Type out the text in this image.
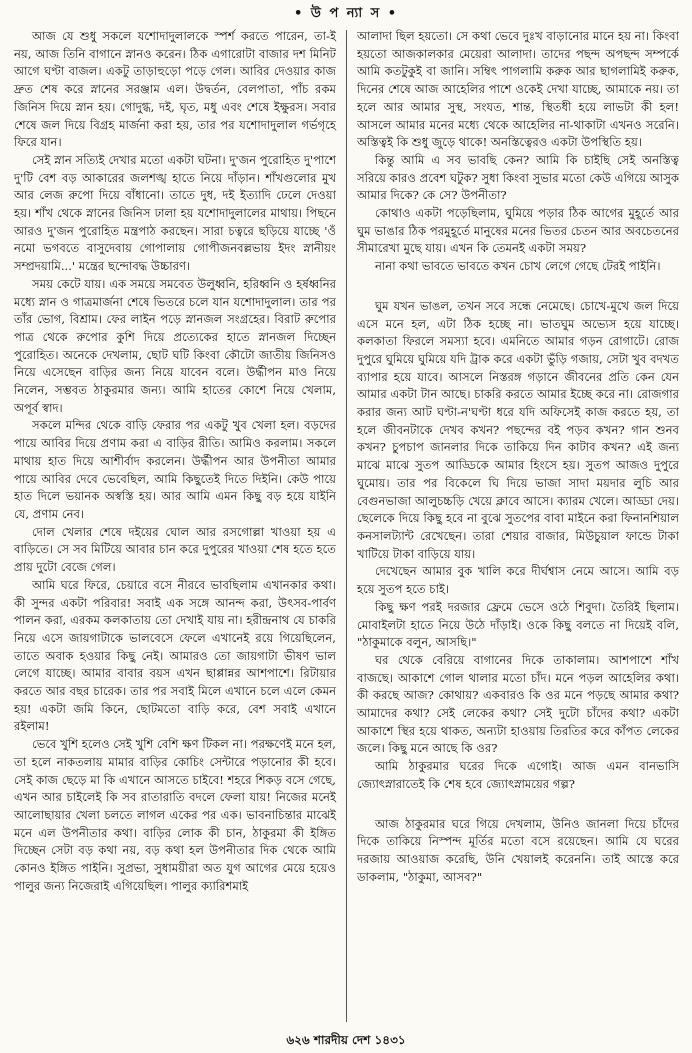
• উ প ন্যা স •

আজ যে শুধু সকলে যশোদাদুলালকে স্পর্শ করতে পারেন, তা-ই নয়, আজ তিনি বাগানে স্নানও করেন। ঠিক এগারোটা বাজার দশ মিনিট আগে ঘণ্টা বাজল। একটু তাড়াহুড়ো পড়ে গেল। আবির দেওয়ার কাজ দ্রুত শেষ করে স্নানের সরঞ্জাম এল। উদ্বর্তন, বেলপাতা, পাঁচ রকম জিনিস দিয়ে স্নান হয়। গোদুগ্ধ, দই, ঘৃত, মধু এবং শেষে ইক্ষুরস। সবার শেষে জল দিয়ে বিগ্রহ মার্জনা করা হয়, তার পর যশোদাদুলাল গর্ভগৃহে ফিরে যান।

সেই স্নান সত্যিই দেখার মতো একটা ঘটনা। দু'জন পুরোহিত দু'পাশে দু'টি বেশ বড় আকারের জলশঙ্খ হাতে নিয়ে দাঁড়ান। শাঁখগুলোর মুখ আর লেজ রুপো দিয়ে বাঁধানো। তাতে দুধ, দই ইত্যাদি ঢেলে দেওয়া হয়। শাঁখ থেকে স্নানের জিনিস ঢালা হয় যশোদাদুলালের মাথায়। পিছনে আরও দু'জন পুরোহিত মন্ত্রপাঠ করছেন। সারা চত্বরে ছড়িয়ে যাচ্ছে 'ওঁ নমো ভগবতে বাসুদেবায় গোপালায় গোপীজনবল্লভায় ইদং স্নানীয়ং সম্প্রদয়ামি...' মন্ত্রের ছন্দোবদ্ধ উচ্চারণ।

সময় কেটে যায়। এক সময়ে সমবেত উলুধ্বনি, হরিধ্বনি ও হর্ষধ্বনির মধ্যে স্নান ও গাত্রমার্জনা শেষে ভিতরে চলে যান যশোদাদুলাল। তার পর তাঁর ভোগ, বিশ্রাম। ফের লাইন পড়ে স্নানজল সংগ্রহের। বিরাট রুপোর পাত্র থেকে রুপোর কুশি দিয়ে প্রত্যেকের হাতে স্নানজল দিচ্ছেন পুরোহিত। অনেকে দেখলাম, ছোট ঘটি কিংবা কৌটো জাতীয় জিনিসও নিয়ে এসেছেন বাড়ির জন্য নিয়ে যাবেন বলে। উর্দ্ধীপন মাও নিয়ে নিলেন, সম্ভবত ঠাকুরমার জন্য। আমি হাতের কোশে নিয়ে খেলাম, অপূর্ব স্বাদ।

সকলে মন্দির থেকে বাড়ি ফেরার পর একটু খুব খেলা হল। বড়দের পায়ে আবির দিয়ে প্রণাম করা এ বাড়ির রীতি। আমিও করলাম। সকলে মাথায় হাত দিয়ে আশীর্বাদ করলেন। উর্দ্ধীপন আর উপনীতা আমার পায়ে আবির দেবে ভেবেছিল, আমি কিছুতেই দিতে দিইনি। কেউ পায়ে হাত দিলে ভয়ানক অস্বস্তি হয়। আর আমি এমন কিছু বড় হয়ে যাইনি যে, প্রণাম নেব।

দোল খেলার শেষে দইয়ের ঘোল আর রসগোল্লা খাওয়া হয় এ বাড়িতে। সে সব মিটিয়ে আবার চান করে দুপুরের খাওয়া শেষ হতে হতে প্রায় দুটো বেজে গেল।

আমি ঘরে ফিরে, চেয়ারে বসে নীরবে ভাবছিলাম এখানকার কথা। কী সুন্দর একটা পরিবার! সবাই এক সঙ্গে আনন্দ করা, উৎসব-পার্বণ পালন করা, এরকম কলকাতায় তো দেখাই যায় না। হরীন্দ্রনাথ যে চাকরি নিয়ে এসে জায়গাটাকে ভালবেসে ফেলে এখানেই রয়ে গিয়েছিলেন, তাতে অবাক হওয়ার কিছু নেই। আমারও তো জায়গাটা ভীষণ ভাল লেগে যাচ্ছে। আমার বাবার বয়স এখন ছাপ্পান্নর আশপাশে। রিটায়ার করতে আর বছর চারেক। তার পর সবাই মিলে এখানে চলে এলে কেমন হয়! একটা জমি কিনে, ছোটমতো বাড়ি করে, বেশ সবাই এখানে রইলাম!

ভেবে খুশি হলেও সেই খুশি বেশি ক্ষণ টিকল না। পরক্ষণেই মনে হল, তা হলে নাকতলায় মামার বাড়ির কোচিং সেন্টারে পড়ানোর কী হবে। সেই কাজ ছেড়ে মা কি এখানে আসতে চাইবে! শহরে শিকড় বসে গেছে, এখন আর চাইলেই কি সব রাতারাতি বদলে ফেলা যায়! নিজের মনেই আলোছায়ার খেলা চলতে লাগল একের পর এক। ভাবনাচিন্তার মাঝেই মনে এল উপনীতার কথা। বাড়ির লোক কী চান, ঠাকুরমা কী ইঙ্গিত দিচ্ছেন সেটা বড় কথা নয়, বড় কথা হল উপনীতার দিক থেকে আমি কোনও ইঙ্গিত পাইনি। সুপ্রভা, সুধাময়ীরা অত যুগ আগের মেয়ে হয়েও পালুর জন্য নিজেরাই এগিয়েছিল। পালুর ক্যারিশমাই

আলাদা ছিল হয়তো। সে কথা ভেবে দুঃখ বাড়ানোর মানে হয় না। কিংবা হয়তো আজকালকার মেয়েরা আলাদা। তাদের পছন্দ অপছন্দ সম্পর্কে আমি কতটুকুই বা জানি। সম্বিৎ পাগলামি করুক আর ছাগলামিই করুক, দিনের শেষে আজ আহেলির পাশে ওকেই দেখা যাচ্ছে, আমাকে নয়। তা হলে আর আমার সুস্থ, সংযত, শান্ত, স্থিতধী হয়ে লাভটা কী হল! আসলে আমার মনের মধ্যে থেকে আহেলির না-থাকাটা এখনও সরেনি। অস্তিত্বই কি শুধু জুড়ে থাকে! অনস্তিত্বেরও একটা উপস্থিতি হয়।

কিন্তু আমি এ সব ভাবছি কেন? আমি কি চাইছি সেই অনস্তিত্ব সরিয়ে কারও প্রবেশ ঘটুক? সুধা কিংবা সুভার মতো কেউ এগিয়ে আসুক আমার দিকে? কে সে? উপনীতা?

কোথাও একটা পড়েছিলাম, ঘুমিয়ে পড়ার ঠিক আগের মুহূর্তে আর ঘুম ভাঙার ঠিক পরমুহূর্তে মানুষের মনের ভিতর চেতন আর অবচেতনের সীমারেখা মুছে যায়। এখন কি তেমনই একটা সময়?

নানা কথা ভাবতে ভাবতে কখন চোখ লেগে গেছে টেরই পাইনি।

ঘুম যখন ভাঙল, তখন সবে সন্ধে নেমেছে। চোখে-মুখে জল দিয়ে এসে মনে হল, এটা ঠিক হচ্ছে না। ভাতঘুম অভ্যেস হয়ে যাচ্ছে। কলকাতা ফিরলে সমস্যা হবে। এমনিতে আমার গড়ন রোগাটে। রোজ দুপুরে ঘুমিয়ে ঘুমিয়ে যদি ট্রাক করে একটা ভুঁড়ি গজায়, সেটা খুব বদখত ব্যাপার হয়ে যাবে। আসলে নিস্তরঙ্গ গড়ানে জীবনের প্রতি কেন যেন আমার একটা টান আছে। চাকরি করতে আমার ইচ্ছে করে না। রোজগার করার জন্য আট ঘণ্টা-ন'ঘণ্টা ধরে যদি অফিসেই কাজ করতে হয়, তা হলে জীবনটাকে দেখব কখন? পছন্দের বই পড়ব কখন? গান শুনব কখন? চুপচাপ জানলার দিকে তাকিয়ে দিন কাটাব কখন? এই জন্য মাঝে মাঝে সুতপ আড্ডিকে আমার হিংসে হয়। সুতপ আজও দুপুরে ঘুমোয়। তার পর বিকেলে ঘি দিয়ে ভাজা সাদা ময়দার লুচি আর বেগুনভাজা আলুচচ্চড়ি খেয়ে ক্লাবে আসে। ক্যারম খেলে। আড্ডা দেয়। ছেলেকে দিয়ে কিছু হবে না বুঝে সুতপের বাবা মাইনে করা ফিনানশিয়াল কনসালট্যান্ট রেখেছেন। তারা শেয়ার বাজার, মিউচুয়াল ফান্ডে টাকা খাটিয়ে টাকা বাড়িয়ে যায়।

দেখেছেন আমার বুক খালি করে দীর্ঘশ্বাস নেমে আসে। আমি বড় হয়ে সুতপ হতে চাই।

কিছু ক্ষণ পরই দরজার ফ্রেমে ভেসে ওঠে শিবুদা। তৈরিই ছিলাম। মোবাইলটা হাতে নিয়ে উঠে দাঁড়াই। ওকে কিছু বলতে না দিয়েই বলি, "ঠাকুমাকে বলুন, আসছি।"

ঘর থেকে বেরিয়ে বাগানের দিকে তাকালাম। আশপাশে শাঁখ বাজছে। আকাশে গোল থালার মতো চাঁদ। মনে পড়ল আহেলির কথা। কী করছে আজ? কোথায়? একবারও কি ওর মনে পড়ছে আমার কথা? আমাদের কথা? সেই লেকের কথা? সেই দুটো চাঁদের কথা? একটা আকাশে স্থির হয়ে থাকত, অন্যটা হাওয়ায় তিরতির করে কাঁপত লেকের জলে। কিছু মনে আছে কি ওর?

আমি ঠাকুরমার ঘরের দিকে এগোই। আজ এমন বানভাসি জ্যোৎস্নারাতেই কি শেষ হবে জ্যোৎস্নাময়ের গল্প?

আজ ঠাকুরমার ঘরে গিয়ে দেখলাম, উনিও জানলা দিয়ে চাঁদের দিকে তাকিয়ে নিস্পন্দ মূর্তির মতো বসে রয়েছেন। আমি যে ঘরের দরজায় আওয়াজ করেছি, উনি খেয়ালই করেননি। তাই আস্তে করে ডাকলাম, "ঠাকুমা, আসব?"

৬২৬ শারদীয় দেশ ১৪৩১
